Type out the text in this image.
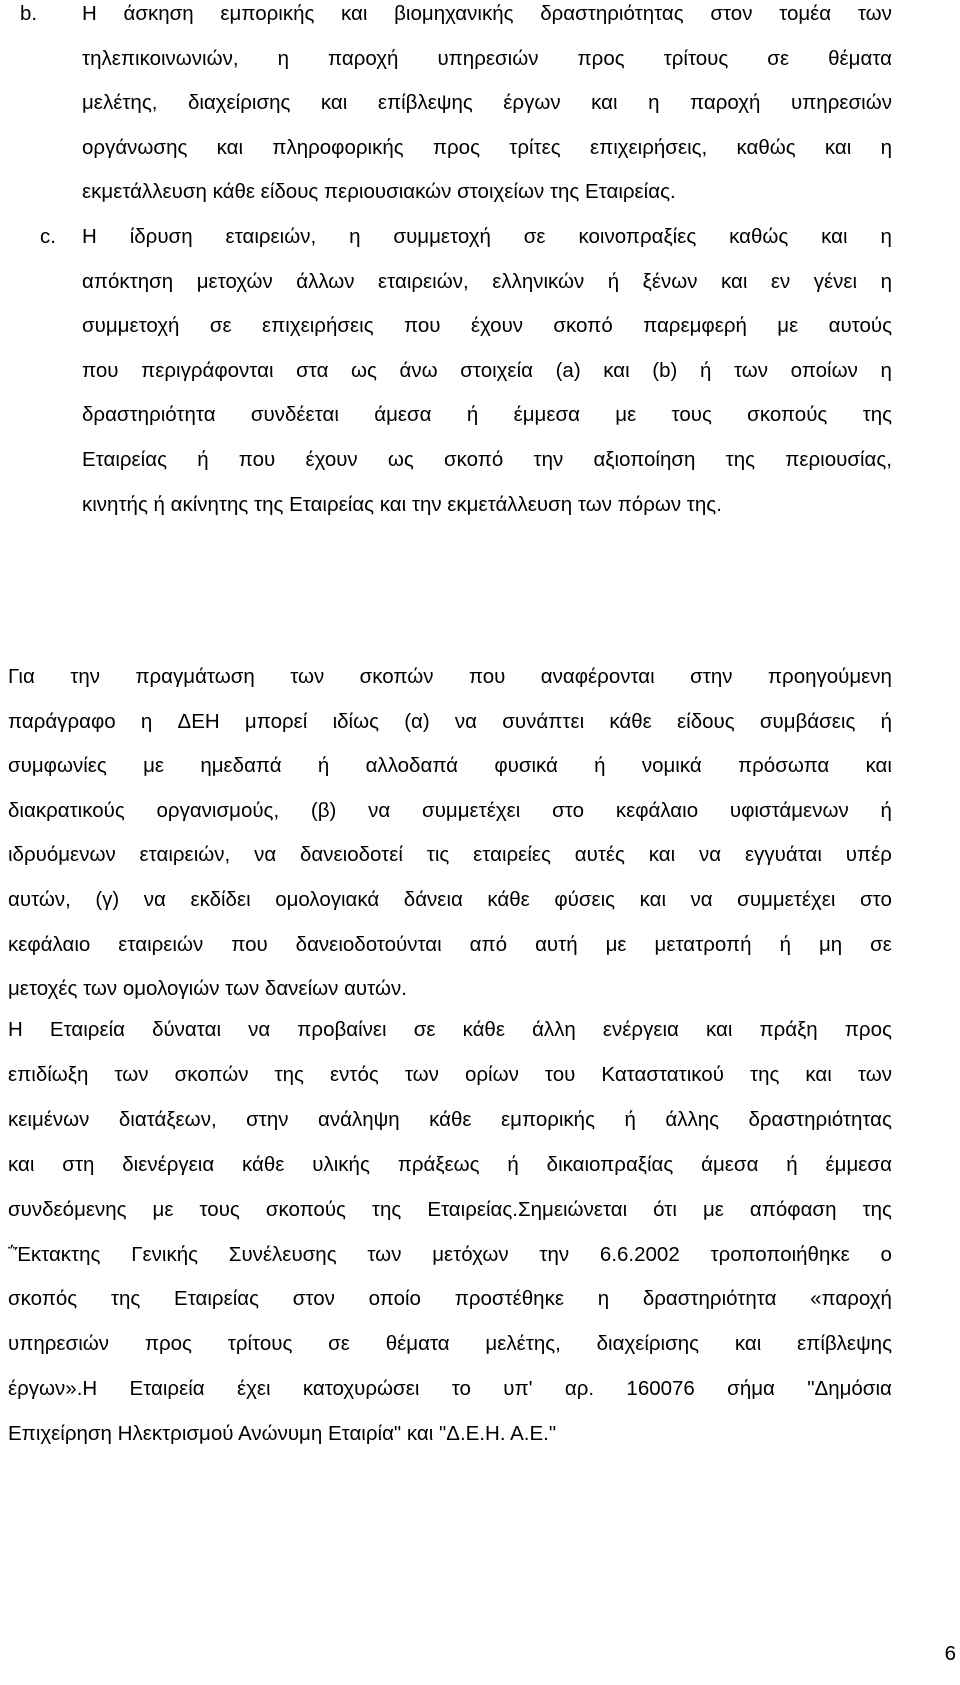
b. Η άσκηση εμπορικής και βιομηχανικής δραστηριότητας στον τομέα των
τηλεπικοινωνιών, η παροχή υπηρεσιών προς τρίτους σε θέματα
μελέτης, διαχείρισης και επίβλεψης έργων και η παροχή υπηρεσιών
οργάνωσης και πληροφορικής προς τρίτες επιχειρήσεις, καθώς και η
εκμετάλλευση κάθε είδους περιουσιακών στοιχείων της Εταιρείας.
c. Η ίδρυση εταιρειών, η συμμετοχή σε κοινοπραξίες καθώς και η
απόκτηση μετοχών άλλων εταιρειών, ελληνικών ή ξένων και εν γένει η
συμμετοχή σε επιχειρήσεις που έχουν σκοπό παρεμφερή με αυτούς
που περιγράφονται στα ως άνω στοιχεία (a) και (b) ή των οποίων η
δραστηριότητα συνδέεται άμεσα ή έμμεσα με τους σκοπούς της
Εταιρείας ή που έχουν ως σκοπό την αξιοποίηση της περιουσίας,
κινητής ή ακίνητης της Εταιρείας και την εκμετάλλευση των πόρων της.
Για την πραγμάτωση των σκοπών που αναφέρονται στην προηγούμενη
παράγραφο η ΔΕΗ μπορεί ιδίως (α) να συνάπτει κάθε είδους συμβάσεις ή
συμφωνίες με ημεδαπά ή αλλοδαπά φυσικά ή νομικά πρόσωπα και
διακρατικούς οργανισμούς, (β) να συμμετέχει στο κεφάλαιο υφιστάμενων ή
ιδρυόμενων εταιρειών, να δανειοδοτεί τις εταιρείες αυτές και να εγγυάται υπέρ
αυτών, (γ) να εκδίδει ομολογιακά δάνεια κάθε φύσεις και να συμμετέχει στο
κεφάλαιο εταιρειών που δανειοδοτούνται από αυτή με μετατροπή ή μη σε
μετοχές των ομολογιών των δανείων αυτών.
Η Εταιρεία δύναται να προβαίνει σε κάθε άλλη ενέργεια και πράξη προς
επιδίωξη των σκοπών της εντός των ορίων του Καταστατικού της και των
κειμένων διατάξεων, στην ανάληψη κάθε εμπορικής ή άλλης δραστηριότητας
και στη διενέργεια κάθε υλικής πράξεως ή δικαιοπραξίας άμεσα ή έμμεσα
συνδεόμενης με τους σκοπούς της Εταιρείας.Σημειώνεται ότι με απόφαση της
΅Έκτακτης Γενικής Συνέλευσης των μετόχων την 6.6.2002 τροποποιήθηκε ο
σκοπός της Εταιρείας στον οποίο προστέθηκε η δραστηριότητα «παροχή
υπηρεσιών προς τρίτους σε θέματα μελέτης, διαχείρισης και επίβλεψης
έργων».Η Εταιρεία έχει κατοχυρώσει το υπ' αρ. 160076 σήμα "Δημόσια
Επιχείρηση Ηλεκτρισμού Ανώνυμη Εταιρία" και "Δ.Ε.Η. Α.Ε."
6
